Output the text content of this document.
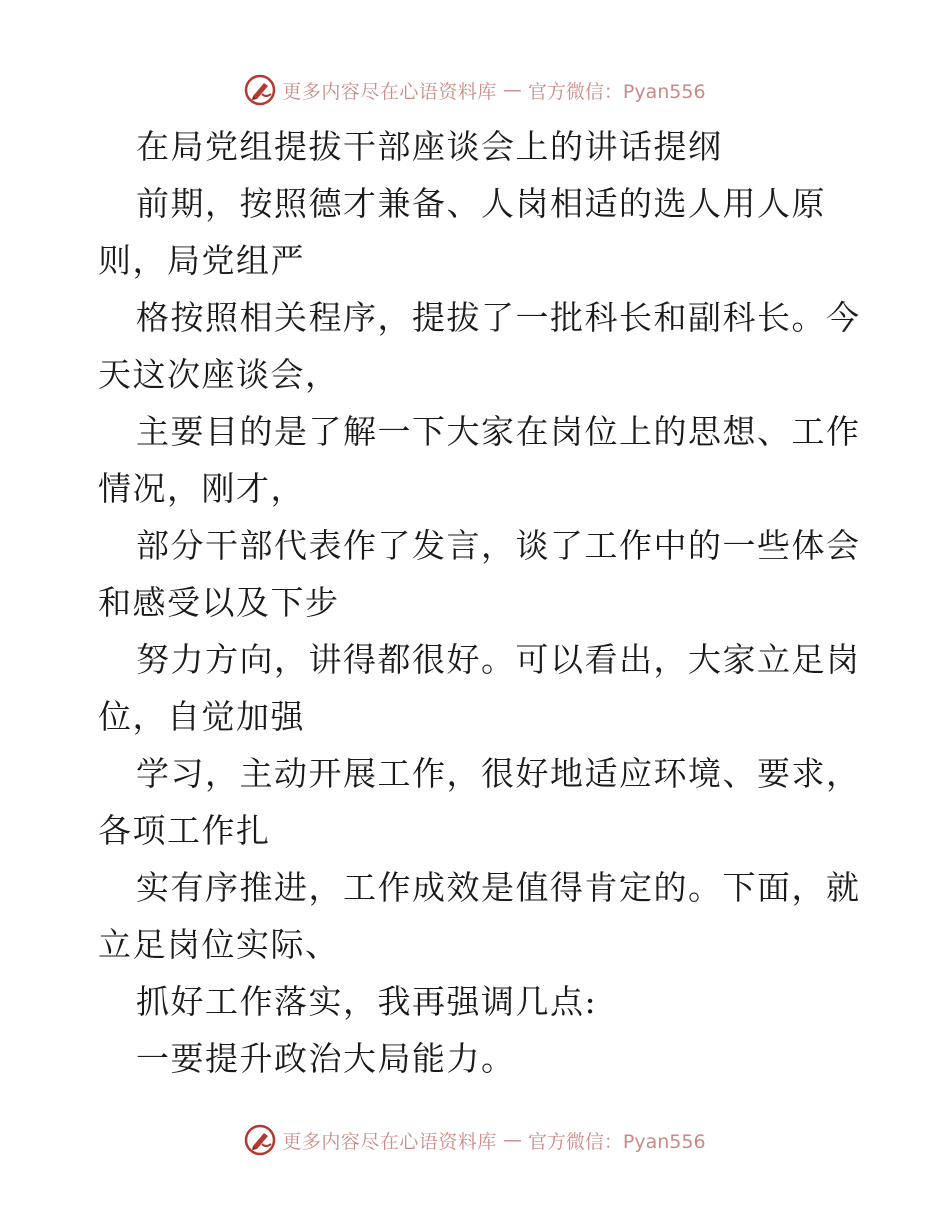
更多内容尽在心语资料库 — 官方微信：Pyan556
在局党组提拔干部座谈会上的讲话提纲
前期，按照德才兼备、人岗相适的选人用人原
则，局党组严
格按照相关程序，提拔了一批科长和副科长。今
天这次座谈会，
主要目的是了解一下大家在岗位上的思想、工作
情况，刚才，
部分干部代表作了发言，谈了工作中的一些体会
和感受以及下步
努力方向，讲得都很好。可以看出，大家立足岗
位，自觉加强
学习，主动开展工作，很好地适应环境、要求，
各项工作扎
实有序推进，工作成效是值得肯定的。下面，就
立足岗位实际、
抓好工作落实，我再强调几点:
一要提升政治大局能力。
更多内容尽在心语资料库 — 官方微信：Pyan556
